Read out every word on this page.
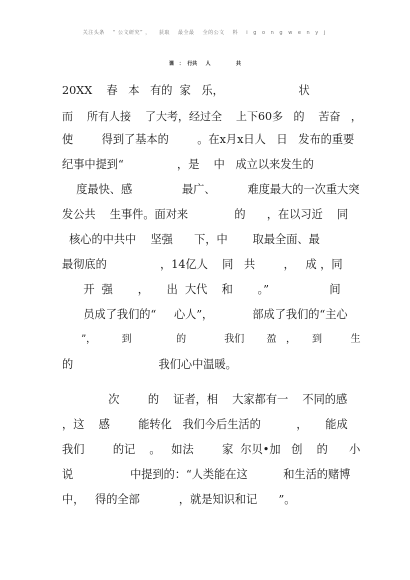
关注头条 “ 公文研究” ， 获取 最全最 全的公文 料 i g o n g w e n y j
课   ：  行共     人               共
20XX    春   本   有的  家   乐，                     状
而    所有人接    了大考，经过全    上下60多   的    苦奋   ，
使        得到了基本的        。在x月x日人   日   发布的重要
纪事中提到“               ，是    中   成立以来发生的
度最快、感              最广、         难度最大的一次重大突
发公共    生事件。面对来             的      ，在以习近    同
核心的中共中    坚强      下，中       取最全面、最
最彻底的               ，14亿人    同   共        ，   成 ，同
开  强       ，     出  大代    和       。”                 间
员成了我们的“     心人”，           部成了我们的“主心
”，        到              的            我们       盈   ，     到         生
的                        我们心中温暖。
次        的    证者，相    大家都有一    不同的感
，这    感        能转化   我们今后生活的          ，     能成
我们        的记    。   如法        家  尔贝•加   创    的      小
说                中提到的：“人类能在这          和生活的赌博
中，   得的全部           ，就是知识和记      ”。
